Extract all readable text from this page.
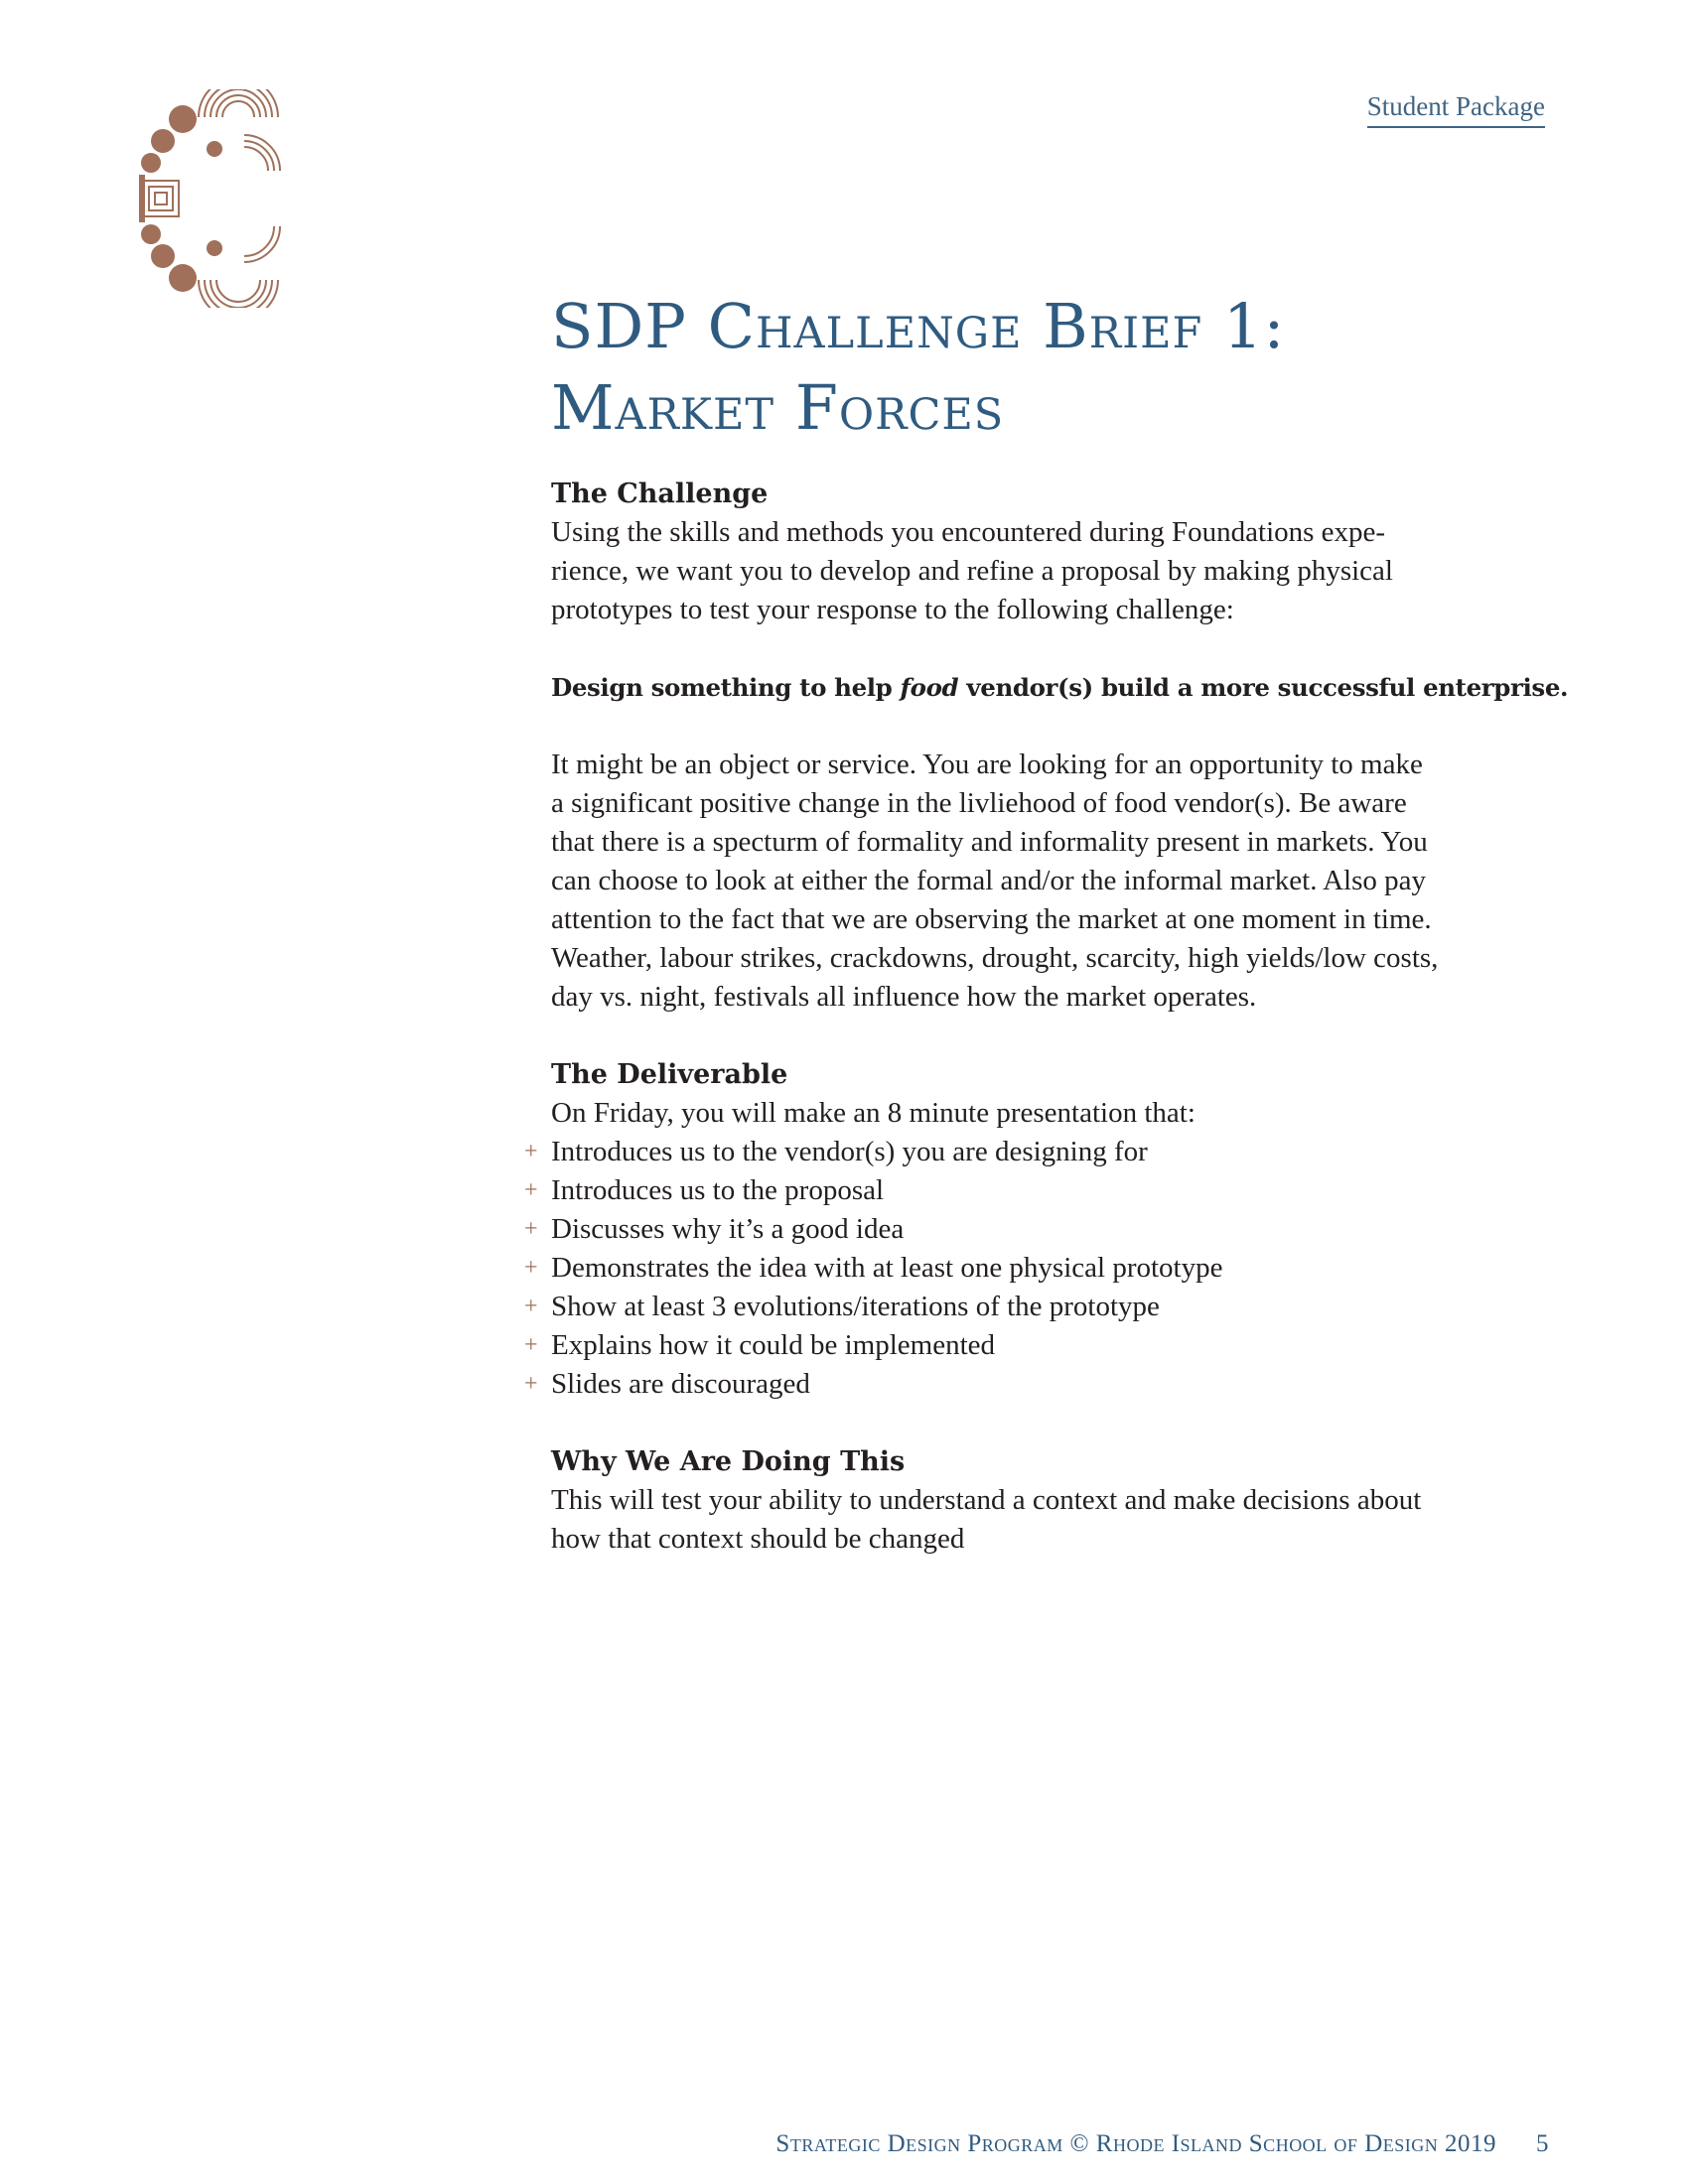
Student Package
SDP Challenge Brief 1:
Market Forces
The Challenge

Using the skills and methods you encountered during Foundations expe-
rience, we want you to develop and refine a proposal by making physical
prototypes to test your response to the following challenge:

Design something to help food vendor(s) build a more successful enterprise.

It might be an object or service. You are looking for an opportunity to make
a significant positive change in the livliehood of food vendor(s). Be aware
that there is a specturm of formality and informality present in markets. You
can choose to look at either the formal and/or the informal market. Also pay
attention to the fact that we are observing the market at one moment in time.
Weather, labour strikes, crackdowns, drought, scarcity, high yields/low costs,
day vs. night, festivals all influence how the market operates.

The Deliverable

On Friday, you will make an 8 minute presentation that:

+ Introduces us to the vendor(s) you are designing for
+ Introduces us to the proposal
+ Discusses why it’s a good idea
+ Demonstrates the idea with at least one physical prototype
+ Show at least 3 evolutions/iterations of the prototype
+ Explains how it could be implemented
+ Slides are discouraged
Why We Are Doing This

This will test your ability to understand a context and make decisions about
how that context should be changed

Strategic Design Program © Rhode Island School of Design 2019 5
